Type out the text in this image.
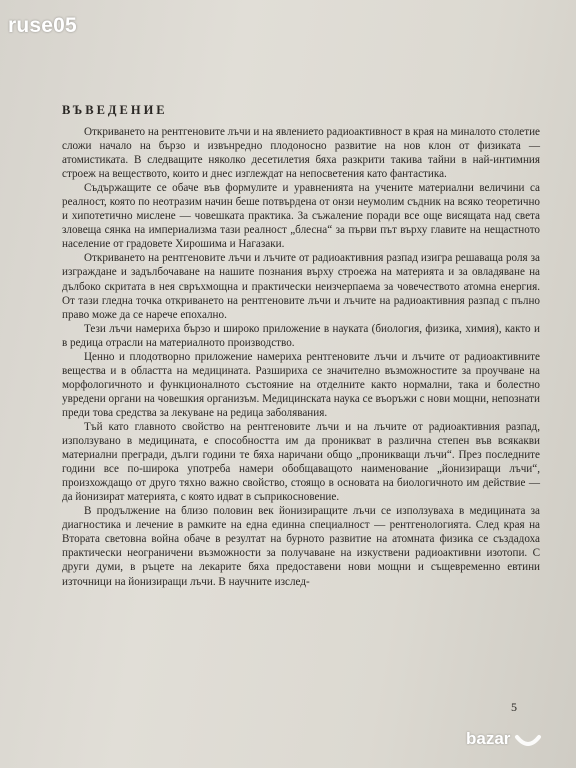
ruse05
ВЪВЕДЕНИЕ

Откриването на рентгеновите лъчи и на явлението радиоактивност в края на миналото столетие сложи начало на бързо и извънредно плодоносно развитие на нов клон от физиката — атомистиката. В следващите няколко десетилетия бяха разкрити такива тайни в най-интимния строеж на веществото, които и днес изглеждат на непосветения като фантастика.

Съдържащите се обаче във формулите и уравненията на учените материални величини са реалност, която по неотразим начин беше потвърдена от онзи неумолим съдник на всяко теоретично и хипотетично мислене — човешката практика. За съжаление поради все още висящата над света зловеща сянка на империализма тази реалност „блесна“ за първи път върху главите на нещастното население от градовете Хирошима и Нагазаки.

Откриването на рентгеновите лъчи и лъчите от радиоактивния разпад изигра решаваща роля за изграждане и задълбочаване на нашите познания върху строежа на материята и за овладяване на дълбоко скритата в нея свръхмощна и практически неизчерпаема за човечеството атомна енергия. От тази гледна точка откриването на рентгеновите лъчи и лъчите на радиоактивния разпад с пълно право може да се нарече епохално.

Тези лъчи намериха бързо и широко приложение в науката (биология, физика, химия), както и в редица отрасли на материалното производство.

Ценно и плодотворно приложение намериха рентгеновите лъчи и лъчите от радиоактивните вещества и в областта на медицината. Разшириха се значително възможностите за проучване на морфологичното и функционалното състояние на отделните както нормални, така и болестно увредени органи на човешкия организъм. Медицинската наука се въоръжи с нови мощни, непознати преди това средства за лекуване на редица заболявания.

Тъй като главното свойство на рентгеновите лъчи и на лъчите от радиоактивния разпад, използувано в медицината, е способността им да проникват в различна степен във всякакви материални прегради, дълги години те бяха наричани общо „проникващи лъчи“. През последните години все по-широка употреба намери обобщаващото наименование „йонизиращи лъчи“, произхождащо от друго тяхно важно свойство, стоящо в основата на биологичното им действие — да йонизират материята, с която идват в съприкосновение.

В продължение на близо половин век йонизиращите лъчи се използуваха в медицината за диагностика и лечение в рамките на една единна специалност — рентгенологията. След края на Втората световна война обаче в резултат на бурното развитие на атомната физика се създадоха практически неограничени възможности за получаване на изкуствени радиоактивни изотопи. С други думи, в ръцете на лекарите бяха предоставени нови мощни и същевременно евтини източници на йонизиращи лъчи. В научните изслед-

5
bazar
